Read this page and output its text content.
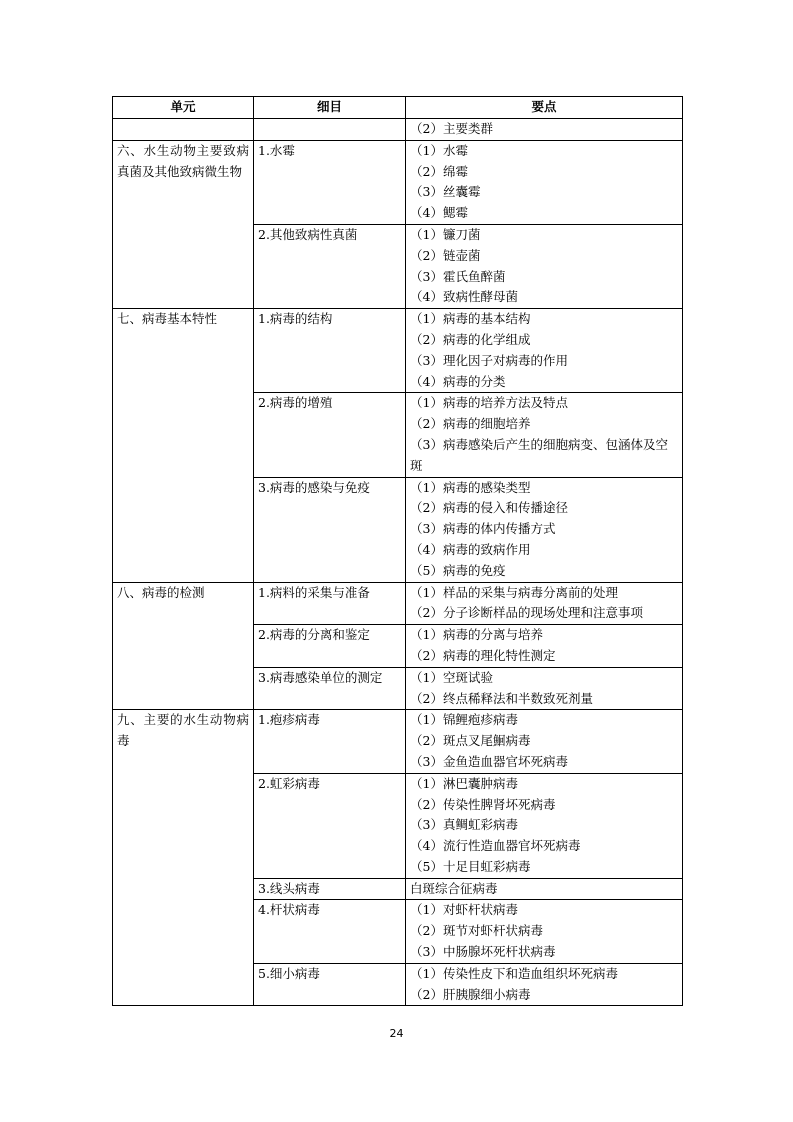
单元	细目	要点

		（2）主要类群

六、水生动物主要致病真菌及其他致病微生物	1.水霉	（1）水霉
（2）绵霉
（3）丝囊霉
（4）鳃霉

	2.其他致病性真菌	（1）镰刀菌
（2）链壶菌
（3）霍氏鱼醉菌
（4）致病性酵母菌

七、病毒基本特性	1.病毒的结构	（1）病毒的基本结构
（2）病毒的化学组成
（3）理化因子对病毒的作用
（4）病毒的分类

	2.病毒的增殖	（1）病毒的培养方法及特点
（2）病毒的细胞培养
（3）病毒感染后产生的细胞病变、包涵体及空斑

	3.病毒的感染与免疫	（1）病毒的感染类型
（2）病毒的侵入和传播途径
（3）病毒的体内传播方式
（4）病毒的致病作用
（5）病毒的免疫

八、病毒的检测	1.病料的采集与准备	（1）样品的采集与病毒分离前的处理
（2）分子诊断样品的现场处理和注意事项

	2.病毒的分离和鉴定	（1）病毒的分离与培养
（2）病毒的理化特性测定

	3.病毒感染单位的测定	（1）空斑试验
（2）终点稀释法和半数致死剂量

九、主要的水生动物病毒	1.疱疹病毒	（1）锦鲤疱疹病毒
（2）斑点叉尾鮰病毒
（3）金鱼造血器官坏死病毒

	2.虹彩病毒	（1）淋巴囊肿病毒
（2）传染性脾肾坏死病毒
（3）真鲷虹彩病毒
（4）流行性造血器官坏死病毒
（5）十足目虹彩病毒

	3.线头病毒	白斑综合征病毒

	4.杆状病毒	（1）对虾杆状病毒
（2）斑节对虾杆状病毒
（3）中肠腺坏死杆状病毒

	5.细小病毒	（1）传染性皮下和造血组织坏死病毒
（2）肝胰腺细小病毒
24
